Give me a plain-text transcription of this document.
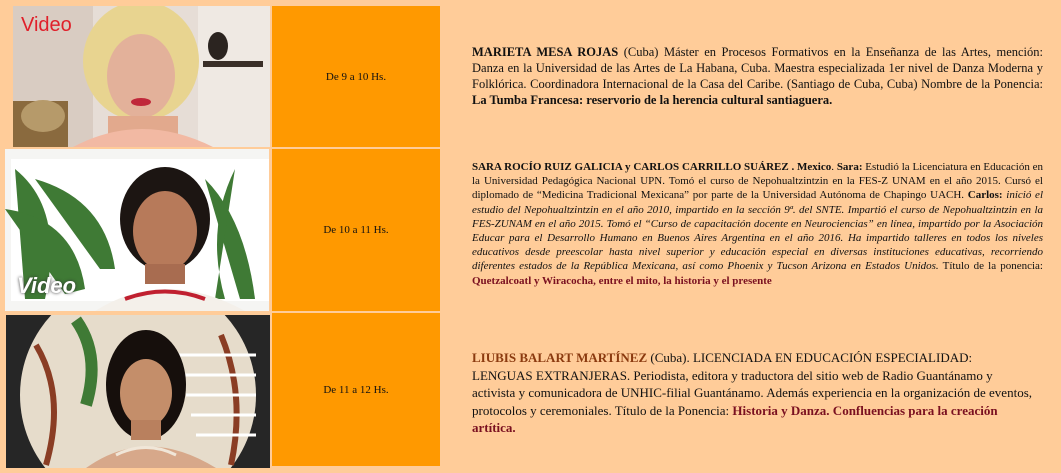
Video
De 9 a 10 Hs.
MARIETA MESA ROJAS (Cuba) Máster en Procesos Formativos en la Enseñanza de las Artes, mención: Danza en la Universidad de las Artes de La Habana, Cuba. Maestra especializada 1er nivel de Danza Moderna y Folklórica. Coordinadora Internacional de la Casa del Caribe. (Santiago de Cuba, Cuba) Nombre de la Ponencia: La Tumba Francesa: reservorio de la herencia cultural santiaguera.
Video
De 10 a 11 Hs.
SARA ROCÍO RUIZ GALICIA y CARLOS CARRILLO SUÁREZ . Mexico. Sara: Estudió la Licenciatura en Educación en la Universidad Pedagógica Nacional UPN. Tomó el curso de Nepohualtzintzin en la FES-Z UNAM en el año 2015. Cursó el diplomado de “Medicina Tradicional Mexicana” por parte de la Universidad Autónoma de Chapingo UACH. Carlos: inició el estudio del Nepohualtzintzin en el año 2010, impartido en la sección 9ª. del SNTE. Impartió el curso de Nepohualtzintzin en la FES-ZUNAM en el año 2015. Tomó el “Curso de capacitación docente en Neurociencias” en línea, impartido por la Asociación Educar para el Desarrollo Humano en Buenos Aires Argentina en el año 2016. Ha impartido talleres en todos los niveles educativos desde preescolar hasta nivel superior y educación especial en diversas instituciones educativas, recorriendo diferentes estados de la República Mexicana, así como Phoenix y Tucson Arizona en Estados Unidos. Título de la ponencia: Quetzalcoatl y Wiracocha, entre el mito, la historia y el presente
De 11 a 12 Hs.
LIUBIS BALART MARTÍNEZ (Cuba). LICENCIADA EN EDUCACIÓN ESPECIALIDAD: LENGUAS EXTRANJERAS. Periodista, editora y traductora del sitio web de Radio Guantánamo y activista y comunicadora de UNHIC-filial Guantánamo. Además experiencia en la organización de eventos, protocolos y ceremoniales. Título de la Ponencia: Historia y Danza. Confluencias para la creación artítica.
